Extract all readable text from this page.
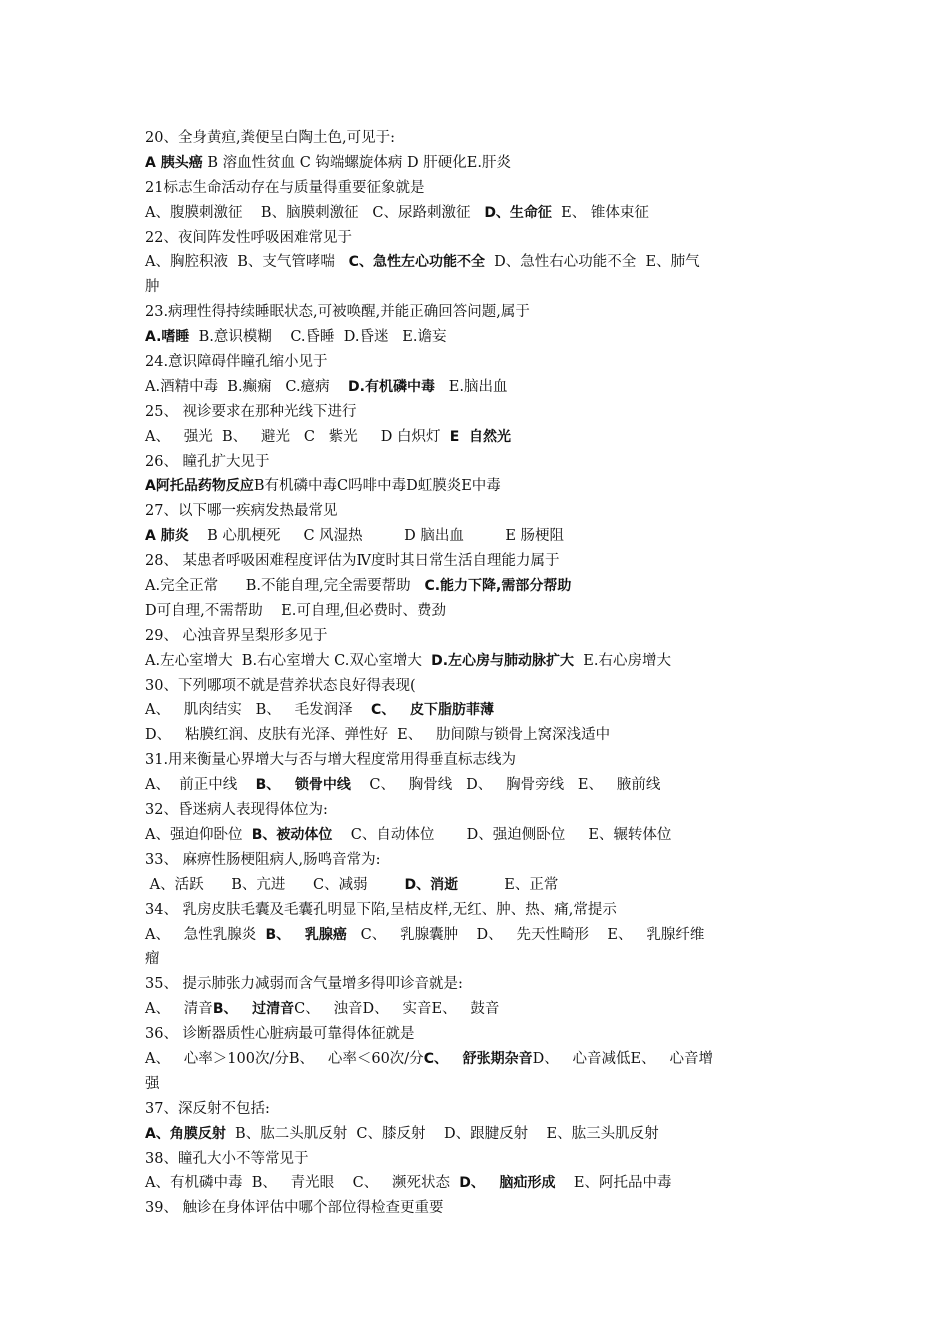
20、全身黄疸,粪便呈白陶土色,可见于:
A 胰头癌 B 溶血性贫血 C 钩端螺旋体病 D 肝硬化E.肝炎
21标志生命活动存在与质量得重要征象就是
A、腹膜刺激征    B、脑膜刺激征   C、尿路刺激征   D、生命征  E、 锥体束征
22、夜间阵发性呼吸困难常见于
A、胸腔积液  B、支气管哮喘   C、急性左心功能不全  D、急性右心功能不全  E、肺气
肿
23.病理性得持续睡眠状态,可被唤醒,并能正确回答问题,属于
A.嗜睡  B.意识模糊    C.昏睡  D.昏迷   E.谵妄
24.意识障碍伴瞳孔缩小见于
A.酒精中毒  B.癫痫   C.癔病    D.有机磷中毒   E.脑出血
25、 视诊要求在那种光线下进行
A、   强光  B、   避光   C   紫光     D 白炽灯  E  自然光
26、 瞳孔扩大见于
A阿托品药物反应B有机磷中毒C吗啡中毒D虹膜炎E中毒
27、以下哪一疾病发热最常见
A 肺炎    B 心肌梗死     C 风湿热         D 脑出血         E 肠梗阻
28、 某患者呼吸困难程度评估为Ⅳ度时其日常生活自理能力属于
A.完全正常      B.不能自理,完全需要帮助   C.能力下降,需部分帮助
D可自理,不需帮助    E.可自理,但必费时、费劲
29、 心浊音界呈梨形多见于
A.左心室增大  B.右心室增大 C.双心室增大  D.左心房与肺动脉扩大  E.右心房增大
30、下列哪项不就是营养状态良好得表现(
A、   肌肉结实   B、   毛发润泽    C、   皮下脂肪菲薄
D、   粘膜红润、皮肤有光泽、弹性好  E、   肋间隙与锁骨上窝深浅适中
31.用来衡量心界增大与否与增大程度常用得垂直标志线为
A、  前正中线    B、   锁骨中线    C、   胸骨线   D、   胸骨旁线   E、   腋前线
32、昏迷病人表现得体位为:
A、强迫仰卧位  B、被动体位    C、自动体位       D、强迫侧卧位     E、辗转体位
33、 麻痹性肠梗阻病人,肠鸣音常为:
A、活跃      B、亢进      C、减弱        D、消逝          E、正常
34、 乳房皮肤毛囊及毛囊孔明显下陷,呈桔皮样,无红、肿、热、痛,常提示
A、   急性乳腺炎  B、   乳腺癌   C、   乳腺囊肿    D、   先天性畸形    E、   乳腺纤维
瘤
35、 提示肺张力减弱而含气量增多得叩诊音就是:
A、   清音B、   过清音C、   浊音D、   实音E、   鼓音
36、 诊断器质性心脏病最可靠得体征就是
A、   心率＞100次/分B、   心率＜60次/分C、   舒张期杂音D、   心音减低E、   心音增
强
37、深反射不包括:
A、角膜反射  B、肱二头肌反射  C、膝反射    D、跟腱反射    E、肱三头肌反射
38、瞳孔大小不等常见于
A、有机磷中毒  B、   青光眼    C、   濒死状态  D、   脑疝形成    E、阿托品中毒
39、 触诊在身体评估中哪个部位得检查更重要
